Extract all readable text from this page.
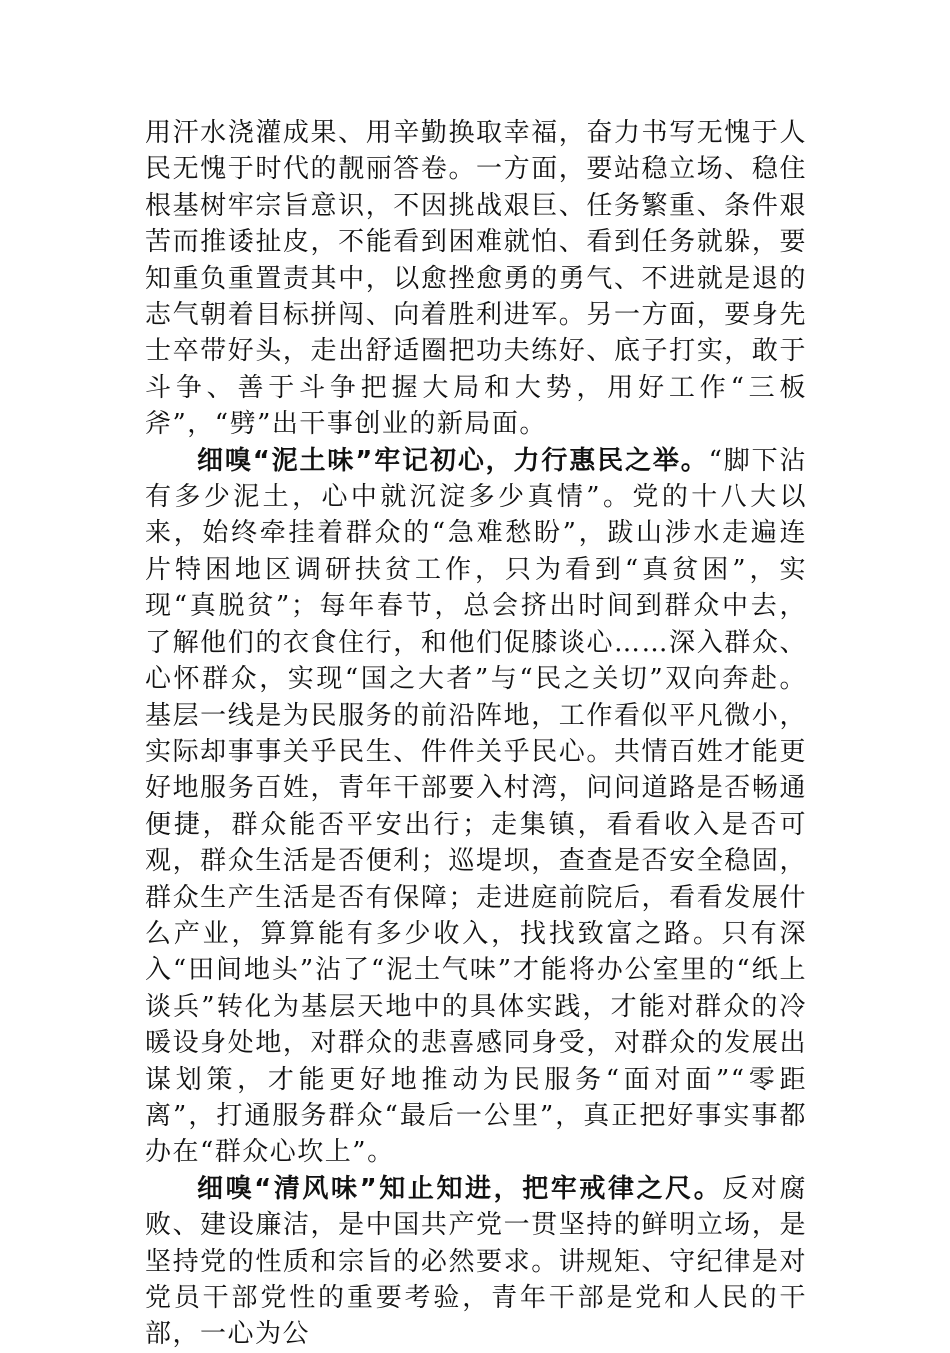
用汗水浇灌成果、用辛勤换取幸福，奋力书写无愧于人民无愧于时代的靓丽答卷。一方面，要站稳立场、稳住根基树牢宗旨意识，不因挑战艰巨、任务繁重、条件艰苦而推诿扯皮，不能看到困难就怕、看到任务就躲，要知重负重置责其中，以愈挫愈勇的勇气、不进就是退的志气朝着目标拼闯、向着胜利进军。另一方面，要身先士卒带好头，走出舒适圈把功夫练好、底子打实，敢于斗争、善于斗争把握大局和大势，用好工作“三板斧”，“劈”出干事创业的新局面。

细嗅“泥土味”牢记初心，力行惠民之举。“脚下沾有多少泥土，心中就沉淀多少真情”。党的十八大以来，始终牵挂着群众的“急难愁盼”，跋山涉水走遍连片特困地区调研扶贫工作，只为看到“真贫困”，实现“真脱贫”；每年春节，总会挤出时间到群众中去，了解他们的衣食住行，和他们促膝谈心……深入群众、心怀群众，实现“国之大者”与“民之关切”双向奔赴。基层一线是为民服务的前沿阵地，工作看似平凡微小，实际却事事关乎民生、件件关乎民心。共情百姓才能更好地服务百姓，青年干部要入村湾，问问道路是否畅通便捷，群众能否平安出行；走集镇，看看收入是否可观，群众生活是否便利；巡堤坝，查查是否安全稳固，群众生产生活是否有保障；走进庭前院后，看看发展什么产业，算算能有多少收入，找找致富之路。只有深入“田间地头”沾了“泥土气味”才能将办公室里的“纸上谈兵”转化为基层天地中的具体实践，才能对群众的冷暖设身处地，对群众的悲喜感同身受，对群众的发展出谋划策，才能更好地推动为民服务“面对面”“零距离”，打通服务群众“最后一公里”，真正把好事实事都办在“群众心坎上”。

细嗅“清风味”知止知进，把牢戒律之尺。反对腐败、建设廉洁，是中国共产党一贯坚持的鲜明立场，是坚持党的性质和宗旨的必然要求。讲规矩、守纪律是对党员干部党性的重要考验，青年干部是党和人民的干部，一心为公
